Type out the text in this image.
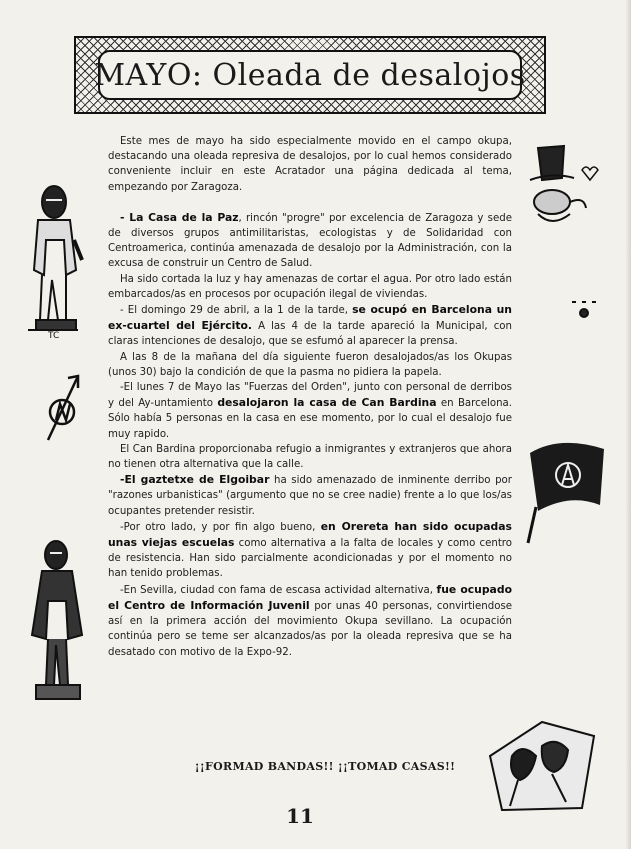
MAYO: Oleada de desalojos

Este mes de mayo ha sido especialmente movido en el campo okupa, destacando una oleada represiva de desalojos, por lo cual hemos considerado conveniente incluir en este Acratador una página dedicada al tema, empezando por Zaragoza.

- La Casa de la Paz, rincón "progre" por excelencia de Zaragoza y sede de diversos grupos antimilitaristas, ecologistas y de Solidaridad con Centroamerica, continúa amenazada de desalojo por la Administración, con la excusa de construir un Centro de Salud.

Ha sido cortada la luz y hay amenazas de cortar el agua. Por otro lado están embarcados/as en procesos por ocupación ilegal de viviendas.

- El domingo 29 de abril, a la 1 de la tarde, se ocupó en Barcelona un ex-cuartel del Ejército. A las 4 de la tarde apareció la Municipal, con claras intenciones de desalojo, que se esfumó al aparecer la prensa.

A las 8 de la mañana del día siguiente fueron desalojados/as los Okupas (unos 30) bajo la condición de que la pasma no pidiera la papela.

-El lunes 7 de Mayo las "Fuerzas del Orden", junto con personal de derribos y del Ay-untamiento desalojaron la casa de Can Bardina en Barcelona. Sólo había 5 personas en la casa en ese momento, por lo cual el desalojo fue muy rapido.

El Can Bardina proporcionaba refugio a inmigrantes y extranjeros que ahora no tienen otra alternativa que la calle.

-El gaztetxe de Elgoibar ha sido amenazado de inminente derribo por "razones urbanisticas" (argumento que no se cree nadie) frente a lo que los/as ocupantes pretender resistir.

-Por otro lado, y por fin algo bueno, en Orereta han sido ocupadas unas viejas escuelas como alternativa a la falta de locales y como centro de resistencia. Han sido parcialmente acondicionadas y por el momento no han tenido problemas.

-En Sevilla, ciudad con fama de escasa actividad alternativa, fue ocupado el Centro de Información Juvenil por unas 40 personas, convirtiendose así en la primera acción del movimiento Okupa sevillano. La ocupación continúa pero se teme ser alcanzados/as por la oleada represiva que se ha desatado con motivo de la Expo-92.

¡¡FORMAD BANDAS!! ¡¡TOMAD CASAS!!
11
TC
